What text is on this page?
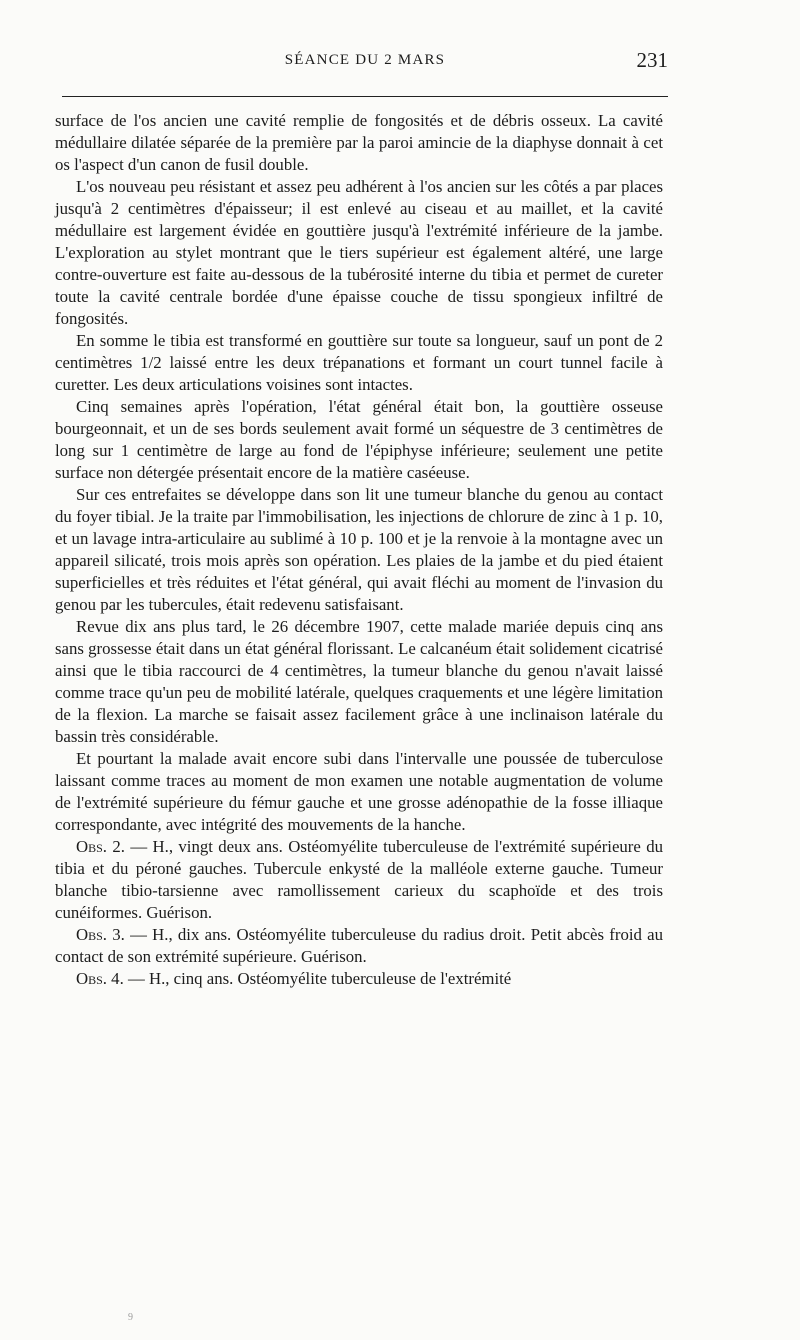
SÉANCE DU 2 MARS	231

surface de l'os ancien une cavité remplie de fongosités et de débris osseux. La cavité médullaire dilatée séparée de la première par la paroi amincie de la diaphyse donnait à cet os l'aspect d'un canon de fusil double.

L'os nouveau peu résistant et assez peu adhérent à l'os ancien sur les côtés a par places jusqu'à 2 centimètres d'épaisseur; il est enlevé au ciseau et au maillet, et la cavité médullaire est largement évidée en gouttière jusqu'à l'extrémité inférieure de la jambe. L'exploration au stylet montrant que le tiers supérieur est également altéré, une large contre-ouverture est faite au-dessous de la tubérosité interne du tibia et permet de cureter toute la cavité centrale bordée d'une épaisse couche de tissu spongieux infiltré de fongosités.

En somme le tibia est transformé en gouttière sur toute sa longueur, sauf un pont de 2 centimètres 1/2 laissé entre les deux trépanations et formant un court tunnel facile à curetter. Les deux articulations voisines sont intactes.

Cinq semaines après l'opération, l'état général était bon, la gouttière osseuse bourgeonnait, et un de ses bords seulement avait formé un séquestre de 3 centimètres de long sur 1 centimètre de large au fond de l'épiphyse inférieure; seulement une petite surface non détergée présentait encore de la matière caséeuse.

Sur ces entrefaites se développe dans son lit une tumeur blanche du genou au contact du foyer tibial. Je la traite par l'immobilisation, les injections de chlorure de zinc à 1 p. 10, et un lavage intra-articulaire au sublimé à 10 p. 100 et je la renvoie à la montagne avec un appareil silicaté, trois mois après son opération. Les plaies de la jambe et du pied étaient superficielles et très réduites et l'état général, qui avait fléchi au moment de l'invasion du genou par les tubercules, était redevenu satisfaisant.

Revue dix ans plus tard, le 26 décembre 1907, cette malade mariée depuis cinq ans sans grossesse était dans un état général florissant. Le calcanéum était solidement cicatrisé ainsi que le tibia raccourci de 4 centimètres, la tumeur blanche du genou n'avait laissé comme trace qu'un peu de mobilité latérale, quelques craquements et une légère limitation de la flexion. La marche se faisait assez facilement grâce à une inclinaison latérale du bassin très considérable.

Et pourtant la malade avait encore subi dans l'intervalle une poussée de tuberculose laissant comme traces au moment de mon examen une notable augmentation de volume de l'extrémité supérieure du fémur gauche et une grosse adénopathie de la fosse illiaque correspondante, avec intégrité des mouvements de la hanche.

Obs. 2. — H., vingt deux ans. Ostéomyélite tuberculeuse de l'extrémité supérieure du tibia et du péroné gauches. Tubercule enkysté de la malléole externe gauche. Tumeur blanche tibio-tarsienne avec ramollissement carieux du scaphoïde et des trois cunéiformes. Guérison.

Obs. 3. — H., dix ans. Ostéomyélite tuberculeuse du radius droit. Petit abcès froid au contact de son extrémité supérieure. Guérison.

Obs. 4. — H., cinq ans. Ostéomyélite tuberculeuse de l'extrémité

9
